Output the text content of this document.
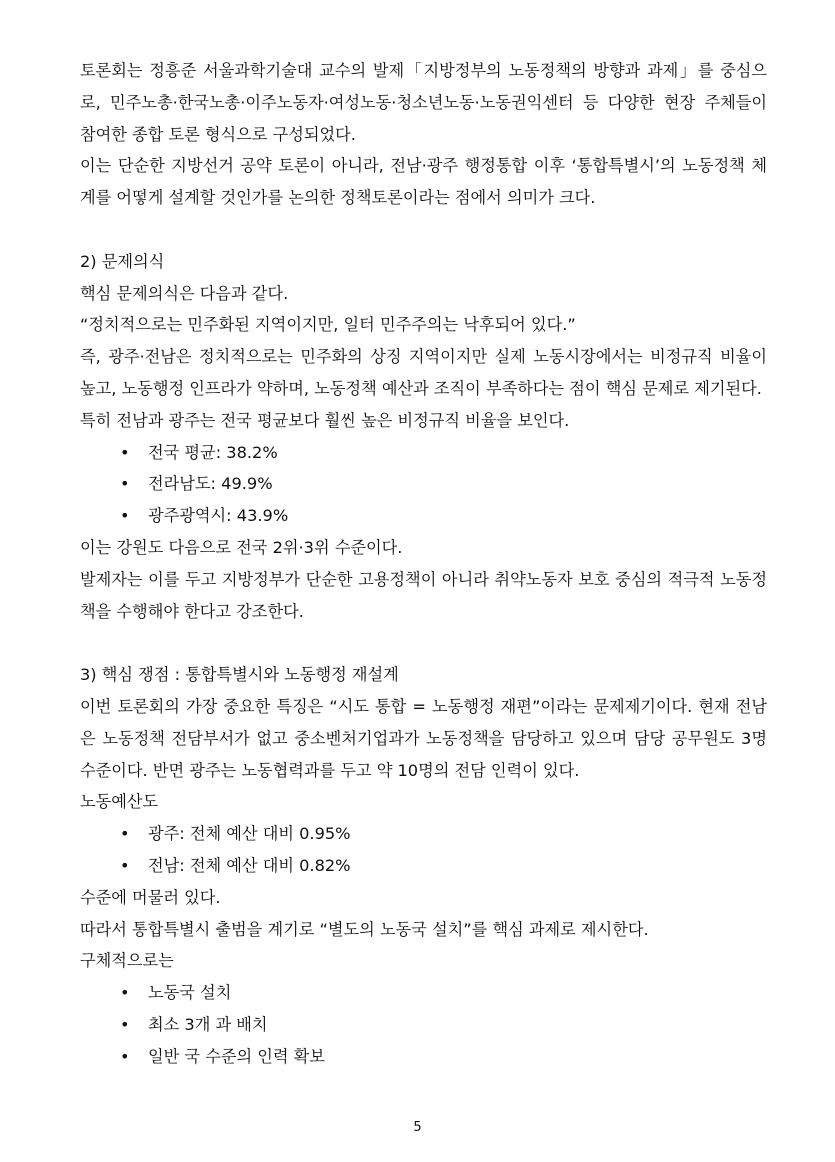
토론회는 정흥준 서울과학기술대 교수의 발제「지방정부의 노동정책의 방향과 과제」를 중심으로, 민주노총·한국노총·이주노동자·여성노동·청소년노동·노동권익센터 등 다양한 현장 주체들이 참여한 종합 토론 형식으로 구성되었다.

이는 단순한 지방선거 공약 토론이 아니라, 전남·광주 행정통합 이후 ‘통합특별시’의 노동정책 체계를 어떻게 설계할 것인가를 논의한 정책토론이라는 점에서 의미가 크다.

2) 문제의식

핵심 문제의식은 다음과 같다.

“정치적으로는 민주화된 지역이지만, 일터 민주주의는 낙후되어 있다.”

즉, 광주·전남은 정치적으로는 민주화의 상징 지역이지만 실제 노동시장에서는 비정규직 비율이 높고, 노동행정 인프라가 약하며, 노동정책 예산과 조직이 부족하다는 점이 핵심 문제로 제기된다.

특히 전남과 광주는 전국 평균보다 훨씬 높은 비정규직 비율을 보인다.

• 전국 평균: 38.2%
• 전라남도: 49.9%
• 광주광역시: 43.9%

이는 강원도 다음으로 전국 2위·3위 수준이다.

발제자는 이를 두고 지방정부가 단순한 고용정책이 아니라 취약노동자 보호 중심의 적극적 노동정책을 수행해야 한다고 강조한다.

3) 핵심 쟁점 : 통합특별시와 노동행정 재설계

이번 토론회의 가장 중요한 특징은 “시도 통합 = 노동행정 재편”이라는 문제제기이다. 현재 전남은 노동정책 전담부서가 없고 중소벤처기업과가 노동정책을 담당하고 있으며 담당 공무원도 3명 수준이다. 반면 광주는 노동협력과를 두고 약 10명의 전담 인력이 있다.

노동예산도

• 광주: 전체 예산 대비 0.95%
• 전남: 전체 예산 대비 0.82%

수준에 머물러 있다.

따라서 통합특별시 출범을 계기로 “별도의 노동국 설치”를 핵심 과제로 제시한다.

구체적으로는

• 노동국 설치
• 최소 3개 과 배치
• 일반 국 수준의 인력 확보
5
